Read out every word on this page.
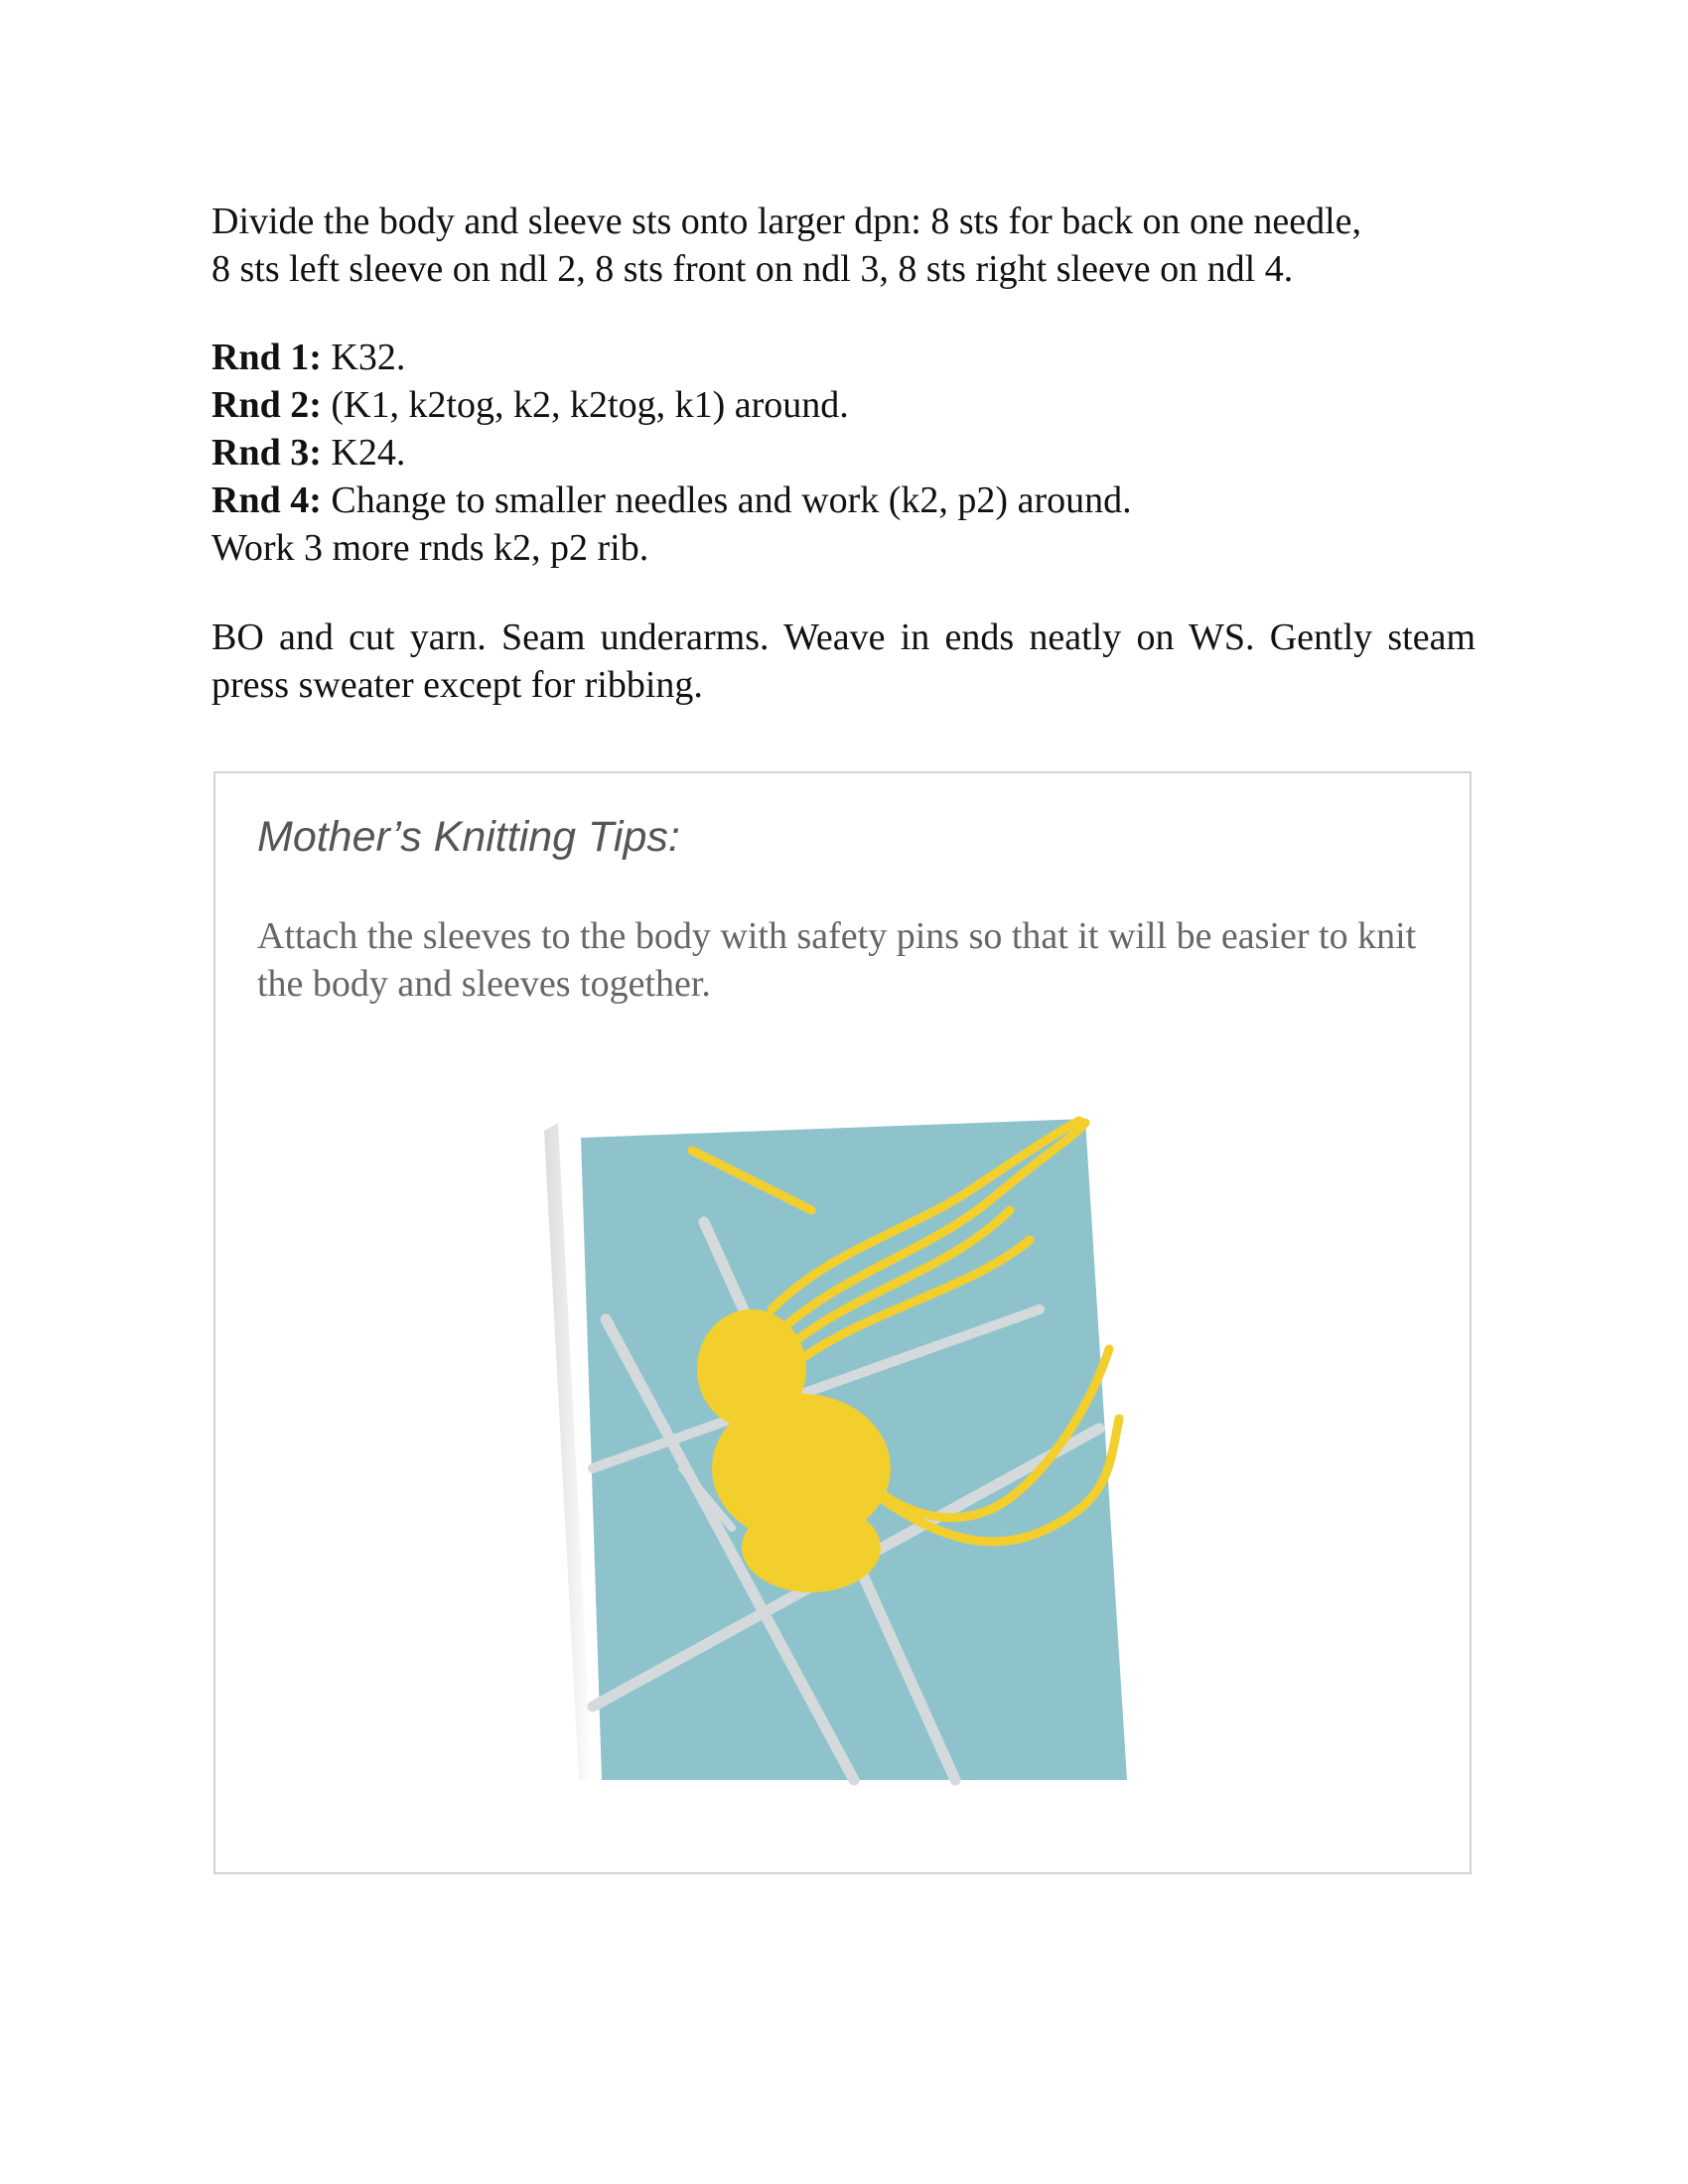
Divide the body and sleeve sts onto larger dpn: 8 sts for back on one needle,
8 sts left sleeve on ndl 2, 8 sts front on ndl 3, 8 sts right sleeve on ndl 4.
Rnd 1: K32.
Rnd 2: (K1, k2tog, k2, k2tog, k1) around.
Rnd 3: K24.
Rnd 4: Change to smaller needles and work (k2, p2) around.
Work 3 more rnds k2, p2 rib.
BO and cut yarn. Seam underarms. Weave in ends neatly on WS. Gently steam press sweater except for ribbing.
Mother’s Knitting Tips:
Attach the sleeves to the body with safety pins so that it will be easier to knit the body and sleeves together.
